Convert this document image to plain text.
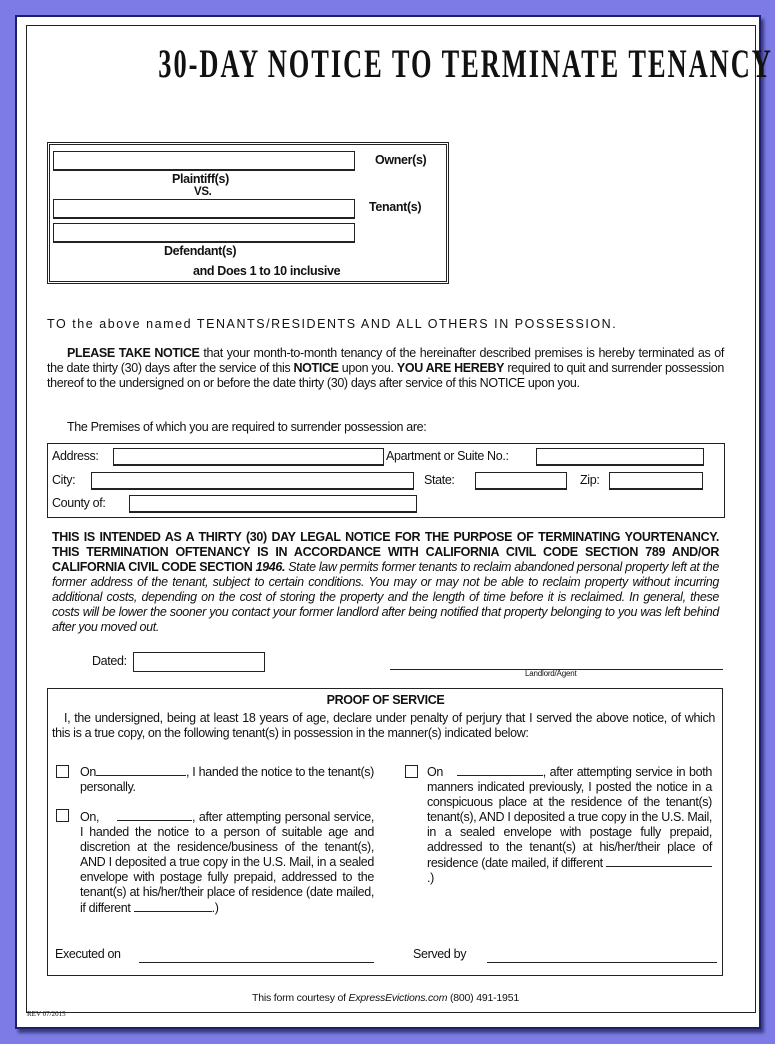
30-DAY NOTICE TO TERMINATE TENANCY
Owner(s)
Plaintiff(s)
VS.
Tenant(s)
Defendant(s)
and Does 1 to 10 inclusive
TO the above named TENANTS/RESIDENTS AND ALL OTHERS IN POSSESSION.
PLEASE TAKE NOTICE that your month-to-month tenancy of the hereinafter described premises is hereby terminated as of the date thirty (30) days after the service of this NOTICE upon you. YOU ARE HEREBY required to quit and surrender possession thereof to the undersigned on or before the date thirty (30) days after service of this NOTICE upon you.
The Premises of which you are required to surrender possession are:
Address:	Apartment or Suite No.:
City:	State:	Zip:
County of:
THIS IS INTENDED AS A THIRTY (30) DAY LEGAL NOTICE FOR THE PURPOSE OF TERMINATING YOURTENANCY. THIS TERMINATION OFTENANCY IS IN ACCORDANCE WITH CALIFORNIA CIVIL CODE SECTION 789 AND/OR CALIFORNIA CIVIL CODE SECTION 1946. State law permits former tenants to reclaim abandoned personal property left at the former address of the tenant, subject to certain conditions. You may or may not be able to reclaim property without incurring additional costs, depending on the cost of storing the property and the length of time before it is reclaimed. In general, these costs will be lower the sooner you contact your former landlord after being notified that property belonging to you was left behind after you moved out.
Dated:
Landlord/Agent
PROOF OF SERVICE
I, the undersigned, being at least 18 years of age, declare under penalty of perjury that I served the above notice, of which this is a true copy, on the following tenant(s) in possession in the manner(s) indicated below:
On	, I handed the notice to the tenant(s) personally.
On,	, after attempting personal service, I handed the notice to a person of suitable age and discretion at the residence/business of the tenant(s), AND I deposited a true copy in the U.S. Mail, in a sealed envelope with postage fully prepaid, addressed to the tenant(s) at his/her/their place of residence (date mailed, if different	.)
On	, after attempting service in both manners indicated previously, I posted the notice in a conspicuous place at the residence of the tenant(s) tenant(s), AND I deposited a true copy in the U.S. Mail, in a sealed envelope with postage fully prepaid, addressed to the tenant(s) at his/her/their place of residence (date mailed, if different .)
Executed on	Served by
This form courtesy of ExpressEvictions.com (800) 491-1951
REV 07/2015
